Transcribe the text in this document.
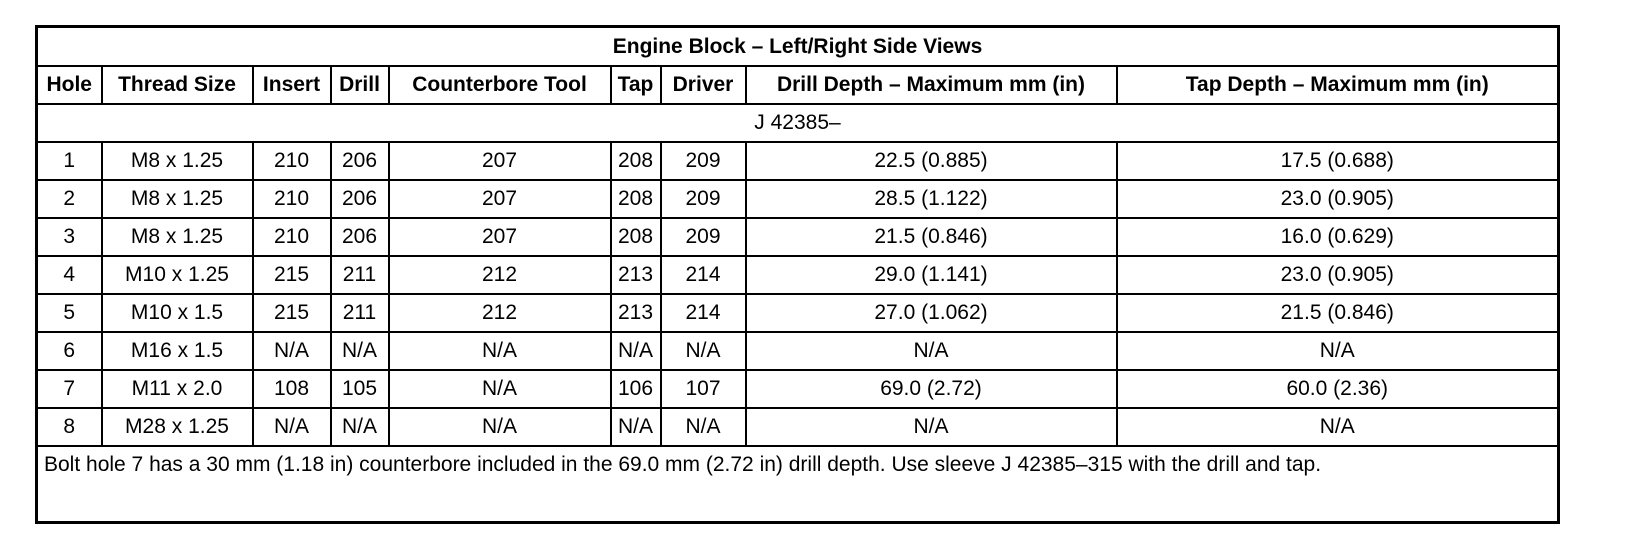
Engine Block – Left/Right Side Views								
Hole	Thread Size	Insert	Drill	Counterbore Tool	Tap	Driver	Drill Depth – Maximum mm (in)	Tap Depth – Maximum mm (in)
J 42385–								
1	M8 x 1.25	210	206	207	208	209	22.5 (0.885)	17.5 (0.688)
2	M8 x 1.25	210	206	207	208	209	28.5 (1.122)	23.0 (0.905)
3	M8 x 1.25	210	206	207	208	209	21.5 (0.846)	16.0 (0.629)
4	M10 x 1.25	215	211	212	213	214	29.0 (1.141)	23.0 (0.905)
5	M10 x 1.5	215	211	212	213	214	27.0 (1.062)	21.5 (0.846)
6	M16 x 1.5	N/A	N/A	N/A	N/A	N/A	N/A	N/A
7	M11 x 2.0	108	105	N/A	106	107	69.0 (2.72)	60.0 (2.36)
8	M28 x 1.25	N/A	N/A	N/A	N/A	N/A	N/A	N/A
Bolt hole 7 has a 30 mm (1.18 in) counterbore included in the 69.0 mm (2.72 in) drill depth. Use sleeve J 42385–315 with the drill and tap.								
